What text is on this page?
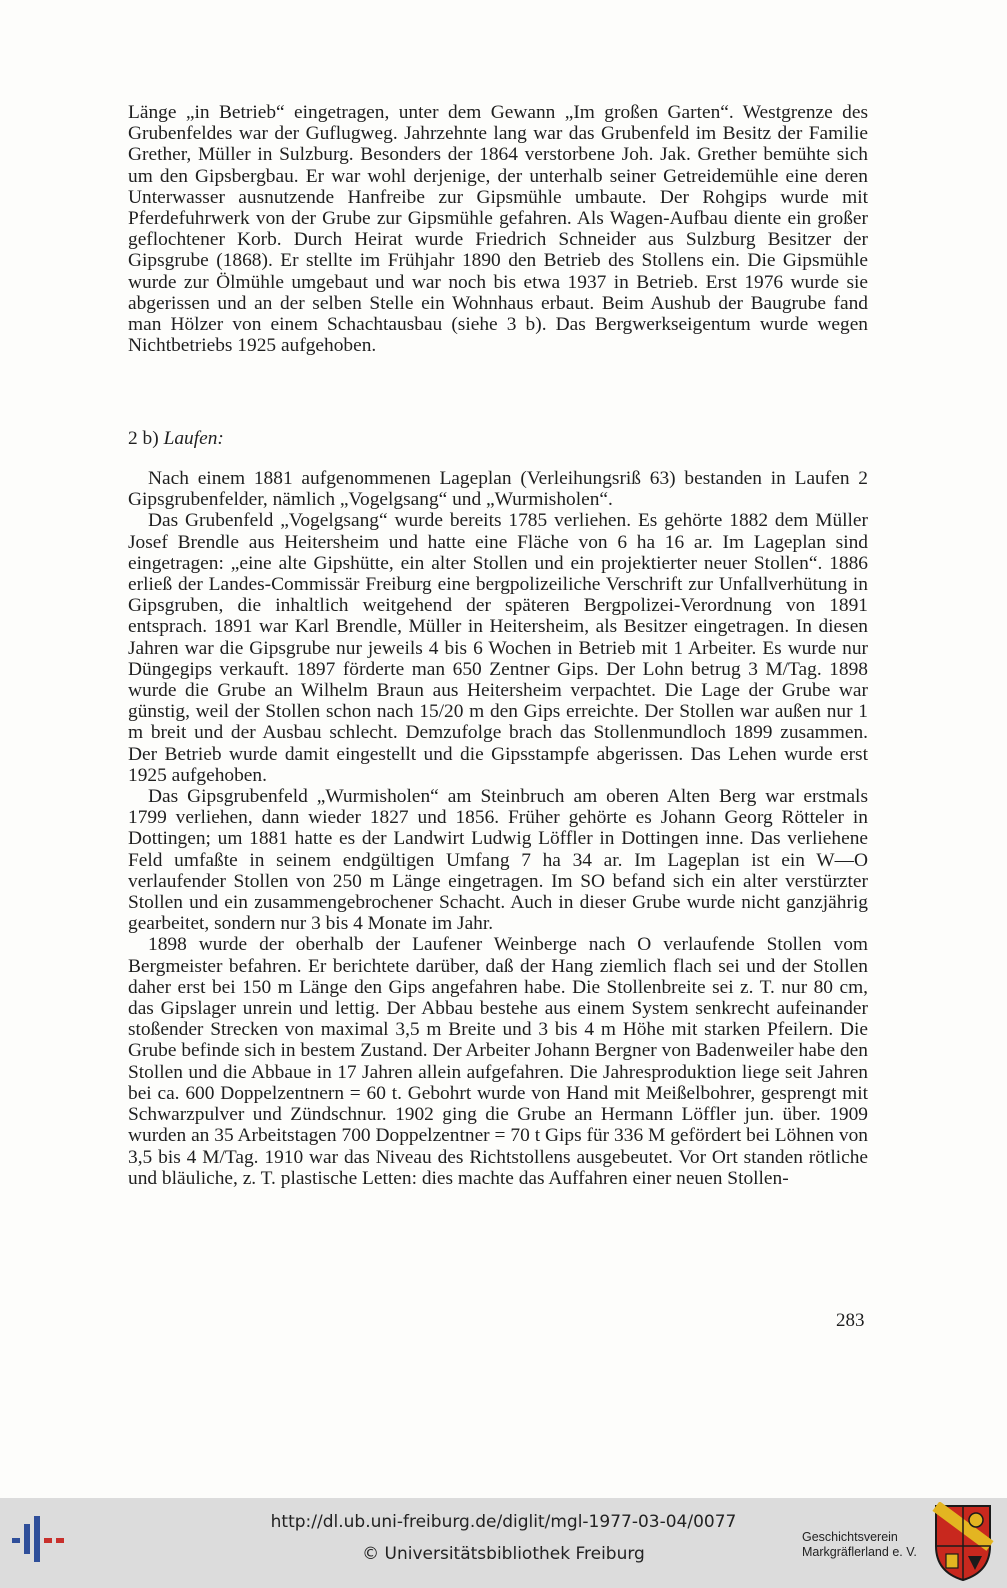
Länge „in Betrieb“ eingetragen, unter dem Gewann „Im großen Garten“. Westgrenze des Grubenfeldes war der Guflugweg. Jahrzehnte lang war das Grubenfeld im Besitz der Familie Grether, Müller in Sulzburg. Besonders der 1864 verstorbene Joh. Jak. Grether bemühte sich um den Gipsbergbau. Er war wohl derjenige, der unterhalb seiner Getreidemühle eine deren Unterwasser ausnutzende Hanfreibe zur Gipsmühle umbaute. Der Rohgips wurde mit Pferdefuhrwerk von der Grube zur Gipsmühle gefahren. Als Wagen-Aufbau diente ein großer geflochtener Korb. Durch Heirat wurde Friedrich Schneider aus Sulzburg Besitzer der Gipsgrube (1868). Er stellte im Frühjahr 1890 den Betrieb des Stollens ein. Die Gipsmühle wurde zur Ölmühle umgebaut und war noch bis etwa 1937 in Betrieb. Erst 1976 wurde sie abgerissen und an der selben Stelle ein Wohnhaus erbaut. Beim Aushub der Baugrube fand man Hölzer von einem Schachtausbau (siehe 3 b). Das Bergwerkseigentum wurde wegen Nichtbetriebs 1925 aufgehoben.

2 b) Laufen:

Nach einem 1881 aufgenommenen Lageplan (Verleihungsriß 63) bestanden in Laufen 2 Gipsgrubenfelder, nämlich „Vogelgsang“ und „Wurmisholen“.

Das Grubenfeld „Vogelgsang“ wurde bereits 1785 verliehen. Es gehörte 1882 dem Müller Josef Brendle aus Heitersheim und hatte eine Fläche von 6 ha 16 ar. Im Lageplan sind eingetragen: „eine alte Gipshütte, ein alter Stollen und ein projektierter neuer Stollen“. 1886 erließ der Landes-Commissär Freiburg eine bergpolizeiliche Verschrift zur Unfallverhütung in Gipsgruben, die inhaltlich weitgehend der späteren Bergpolizei-Verordnung von 1891 entsprach. 1891 war Karl Brendle, Müller in Heitersheim, als Besitzer eingetragen. In diesen Jahren war die Gipsgrube nur jeweils 4 bis 6 Wochen in Betrieb mit 1 Arbeiter. Es wurde nur Düngegips verkauft. 1897 förderte man 650 Zentner Gips. Der Lohn betrug 3 M/Tag. 1898 wurde die Grube an Wilhelm Braun aus Heitersheim verpachtet. Die Lage der Grube war günstig, weil der Stollen schon nach 15/20 m den Gips erreichte. Der Stollen war außen nur 1 m breit und der Ausbau schlecht. Demzufolge brach das Stollenmundloch 1899 zusammen. Der Betrieb wurde damit eingestellt und die Gipsstampfe abgerissen. Das Lehen wurde erst 1925 aufgehoben.

Das Gipsgrubenfeld „Wurmisholen“ am Steinbruch am oberen Alten Berg war erstmals 1799 verliehen, dann wieder 1827 und 1856. Früher gehörte es Johann Georg Rötteler in Dottingen; um 1881 hatte es der Landwirt Ludwig Löffler in Dottingen inne. Das verliehene Feld umfaßte in seinem endgültigen Umfang 7 ha 34 ar. Im Lageplan ist ein W—O verlaufender Stollen von 250 m Länge eingetragen. Im SO befand sich ein alter verstürzter Stollen und ein zusammengebrochener Schacht. Auch in dieser Grube wurde nicht ganzjährig gearbeitet, sondern nur 3 bis 4 Monate im Jahr.

1898 wurde der oberhalb der Laufener Weinberge nach O verlaufende Stollen vom Bergmeister befahren. Er berichtete darüber, daß der Hang ziemlich flach sei und der Stollen daher erst bei 150 m Länge den Gips angefahren habe. Die Stollenbreite sei z. T. nur 80 cm, das Gipslager unrein und lettig. Der Abbau bestehe aus einem System senkrecht aufeinander stoßender Strecken von maximal 3,5 m Breite und 3 bis 4 m Höhe mit starken Pfeilern. Die Grube befinde sich in bestem Zustand. Der Arbeiter Johann Bergner von Badenweiler habe den Stollen und die Abbaue in 17 Jahren allein aufgefahren. Die Jahresproduktion liege seit Jahren bei ca. 600 Doppelzentnern = 60 t. Gebohrt wurde von Hand mit Meißelbohrer, gesprengt mit Schwarzpulver und Zündschnur. 1902 ging die Grube an Hermann Löffler jun. über. 1909 wurden an 35 Arbeitstagen 700 Doppelzentner = 70 t Gips für 336 M gefördert bei Löhnen von 3,5 bis 4 M/Tag. 1910 war das Niveau des Richtstollens ausgebeutet. Vor Ort standen rötliche und bläuliche, z. T. plastische Letten: dies machte das Auffahren einer neuen Stollen-

283
http://dl.ub.uni-freiburg.de/diglit/mgl-1977-03-04/0077
© Universitätsbibliothek Freiburg
Geschichtsverein
Markgräflerland e. V.
